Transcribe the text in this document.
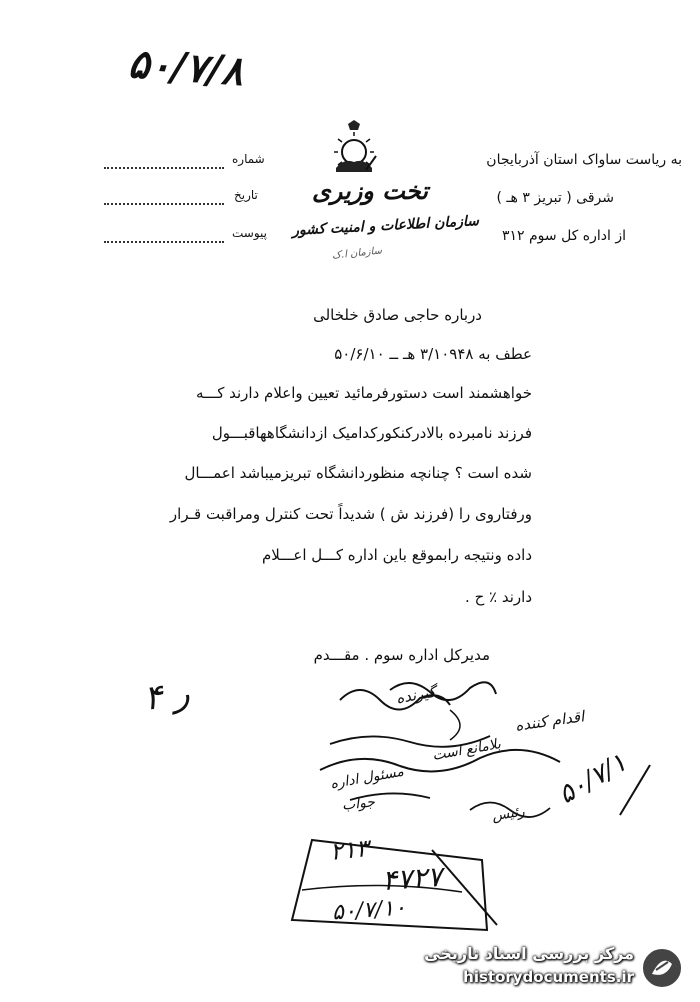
۵۰/۷/۸
شماره
تاریخ
پیوست
تخت وزیری
سازمان اطلاعات و امنیت کشور
سازمان ا.ک
به ریاست ساواک استان آذربایجان
شرقی ( تبریز ۳ هـ )
از اداره کل سوم ۳۱۲
درباره حاجی صادق خلخالی
عطف به ۳/۱۰۹۴۸ هـ ــ ۵۰/۶/۱۰
خواهشمند است دستورفرمائید تعیین واعلام دارند کـــه
فرزند نامبرده بالادرکنکورکدامیک ازدانشگاههاقبـــول
شده است ؟ چنانچه منظوردانشگاه تبریزمیباشد اعمـــال
ورفتاروی را (فرزند ش ) شدیداً تحت کنترل ومراقبت قـرار
داده ونتیجه رابموقع باین اداره کـــل اعـــلام
دارند ٪ ح .
مدیرکل اداره سوم . مقـــدم
۴ ر
اقدام کننده
گیرنده
بلامانع است
مسئول اداره
جواب	رئیس
۵۰/۷/۱
۲۱۳
۴۷۲۷
۵۰/۷/۱۰
مرکز بررسی اسناد تاریخی
historydocuments.ir
